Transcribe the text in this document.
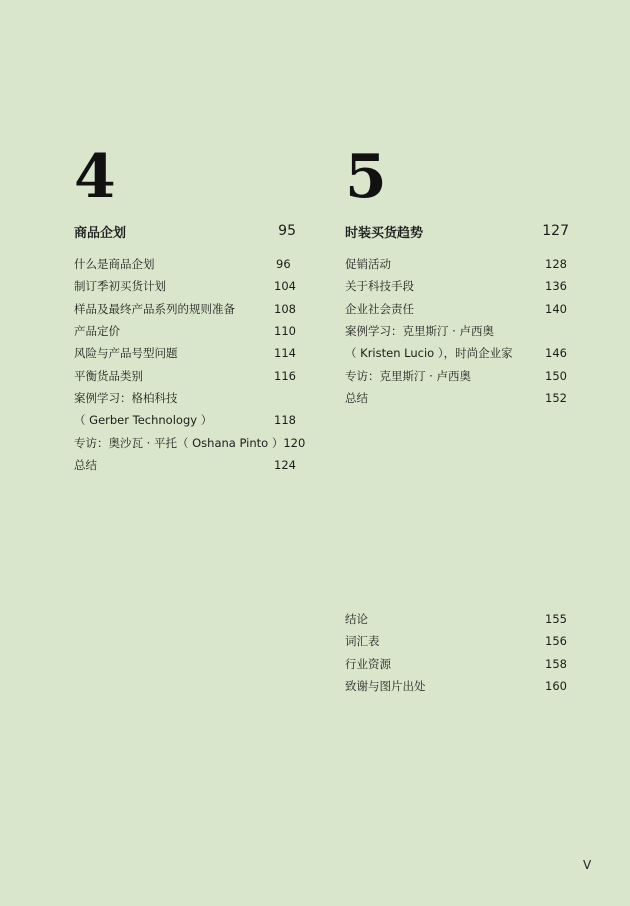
4
商品企划	95
什么是商品企划	96
制订季初买货计划	104
样品及最终产品系列的规则准备	108
产品定价	110
风险与产品号型问题	114
平衡货品类别	116
案例学习：格柏科技
（ Gerber Technology ）	118
专访：奥沙瓦 · 平托（ Oshana Pinto ） 120
总结	124
5
时装买货趋势	127
促销活动	128
关于科技手段	136
企业社会责任	140
案例学习：克里斯汀 · 卢西奥
（ Kristen Lucio ），时尚企业家	146
专访：克里斯汀 · 卢西奥	150
总结	152
结论	155
词汇表	156
行业资源	158
致谢与图片出处	160
V
